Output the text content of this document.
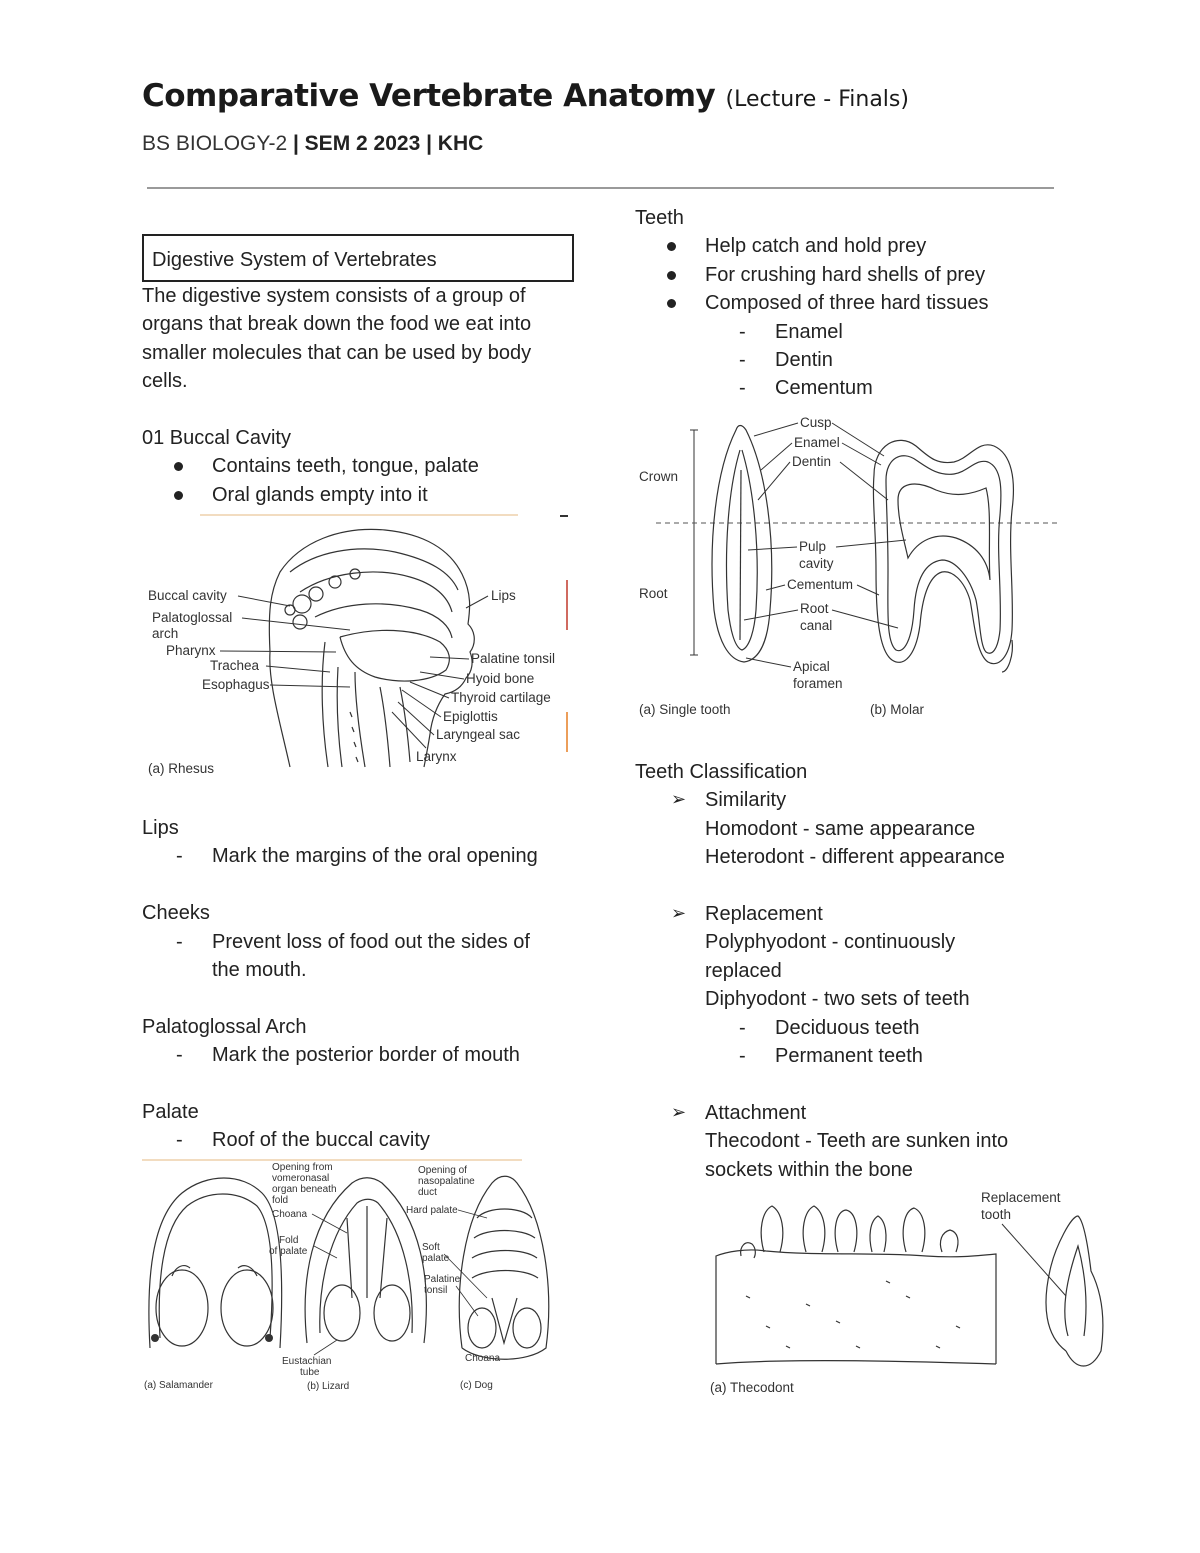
Comparative Vertebrate Anatomy (Lecture - Finals)
BS BIOLOGY-2 | SEM 2 2023 | KHC
Digestive System of Vertebrates

The digestive system consists of a group of

organs that break down the food we eat into

smaller molecules that can be used by body

cells.

01 Buccal Cavity

Contains teeth, tongue, palate

Oral glands empty into it

Buccal cavity
Palatoglossal
arch
Pharynx
Trachea
Esophagus
Lips
Palatine tonsil
Hyoid bone
Thyroid cartilage
Epiglottis
Laryngeal sac
Larynx
(a) Rhesus

Lips

- Mark the margins of the oral opening

Cheeks

- Prevent loss of food out the sides of

the mouth.

Palatoglossal Arch

- Mark the posterior border of mouth

Palate

- Roof of the buccal cavity

Opening from
vomeronasal
organ beneath
fold
Choana
Fold
of palate
Opening of
nasopalatine
duct
Hard palate
Soft
palate
Palatine
tonsil
Eustachian
tube
Choana
(a) Salamander	(b) Lizard	(c) Dog

Teeth

Help catch and hold prey

For crushing hard shells of prey

Composed of three hard tissues

- Enamel

- Dentin

- Cementum

Crown
Root
Cusp
Enamel
Dentin
Pulp
cavity
Cementum
Root
canal
Apical
foramen
(a) Single tooth	(b) Molar

Teeth Classification

➢ Similarity

Homodont - same appearance

Heterodont - different appearance

➢ Replacement

Polyphyodont - continuously

replaced

Diphyodont - two sets of teeth

- Deciduous teeth

- Permanent teeth

➢ Attachment

Thecodont - Teeth are sunken into

sockets within the bone

Replacement
tooth
(a) Thecodont
